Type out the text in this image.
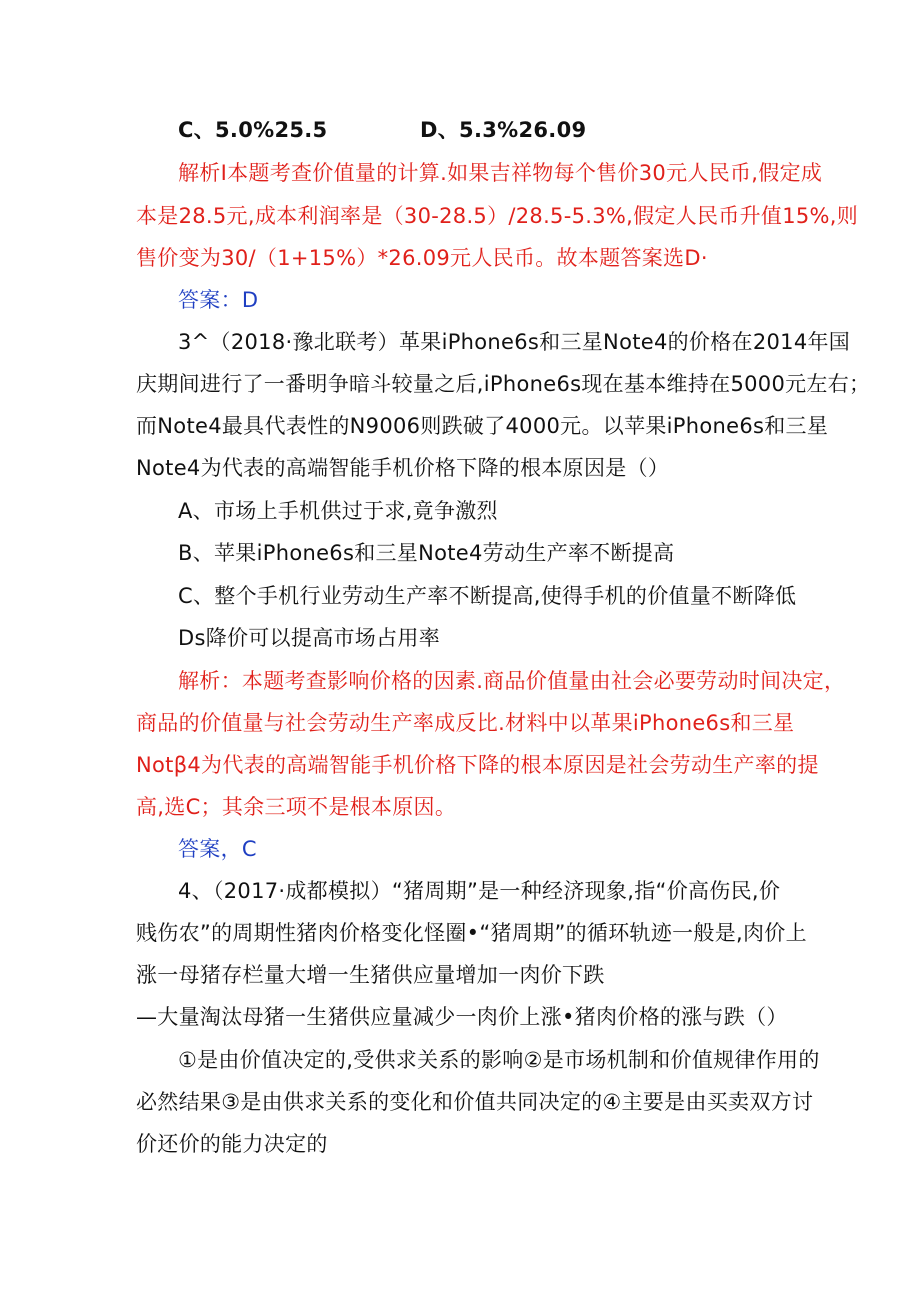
C、5.0%25.5	D、5.3%26.09
解析I本题考查价值量的计算.如果吉祥物每个售价30元人民币,假定成
本是28.5元,成本利润率是（30-28.5）/28.5-5.3%,假定人民币升值15%,则
售价变为30/（1+15%）*26.09元人民币。故本题答案选D·
答案：D
3^（2018·豫北联考）革果iPhone6s和三星Note4的价格在2014年国
庆期间进行了一番明争暗斗较量之后,iPhone6s现在基本维持在5000元左右；
而Note4最具代表性的N9006则跌破了4000元。以苹果iPhone6s和三星
Note4为代表的高端智能手机价格下降的根本原因是（）
A、市场上手机供过于求,竟争激烈
B、苹果iPhone6s和三星Note4劳动生产率不断提高
C、整个手机行业劳动生产率不断提高,使得手机的价值量不断降低
Ds降价可以提高市场占用率
解析：本题考查影响价格的因素.商品价值量由社会必要劳动时间决定，
商品的价值量与社会劳动生产率成反比.材料中以革果iPhone6s和三星
Notβ4为代表的高端智能手机价格下降的根本原因是社会劳动生产率的提
高,选C；其余三项不是根本原因。
答案，C
4、（2017·成都模拟）“猪周期”是一种经济现象,指“价高伤民,价
贱伤农”的周期性猪肉价格变化怪圈•“猪周期”的循环轨迹一般是,肉价上
涨一母猪存栏量大增一生猪供应量增加一肉价下跌
—大量淘汰母猪一生猪供应量减少一肉价上涨•猪肉价格的涨与跌（）
①是由价值决定的,受供求关系的影响②是市场机制和价值规律作用的
必然结果③是由供求关系的变化和价值共同决定的④主要是由买卖双方讨
价还价的能力决定的
